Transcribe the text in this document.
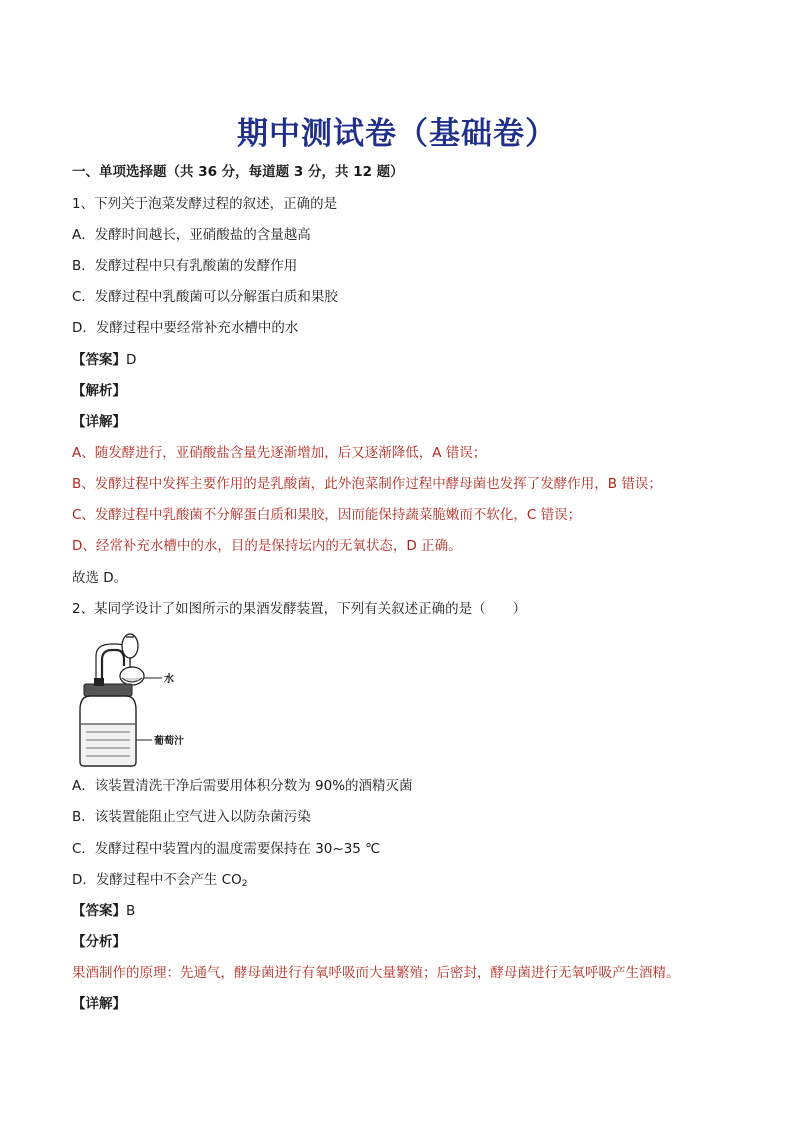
期中测试卷（基础卷）
一、单项选择题（共 36 分，每道题 3 分，共 12 题）
1、下列关于泡菜发酵过程的叙述，正确的是
A．发酵时间越长，亚硝酸盐的含量越高
B．发酵过程中只有乳酸菌的发酵作用
C．发酵过程中乳酸菌可以分解蛋白质和果胶
D．发酵过程中要经常补充水槽中的水
【答案】D
【解析】
【详解】
A、随发酵进行，亚硝酸盐含量先逐渐增加，后又逐渐降低，A 错误；
B、发酵过程中发挥主要作用的是乳酸菌，此外泡菜制作过程中酵母菌也发挥了发酵作用，B 错误；
C、发酵过程中乳酸菌不分解蛋白质和果胶，因而能保持蔬菜脆嫩而不软化，C 错误；
D、经常补充水槽中的水，目的是保持坛内的无氧状态，D 正确。
故选 D。
2、某同学设计了如图所示的果酒发酵装置，下列有关叙述正确的是（　　）
水
葡萄汁
A．该装置清洗干净后需要用体积分数为 90%的酒精灭菌
B．该装置能阻止空气进入以防杂菌污染
C．发酵过程中装置内的温度需要保持在 30~35 ℃
D．发酵过程中不会产生 $CO_2$
【答案】B
【分析】
果酒制作的原理：先通气，酵母菌进行有氧呼吸而大量繁殖；后密封，酵母菌进行无氧呼吸产生酒精。
【详解】
